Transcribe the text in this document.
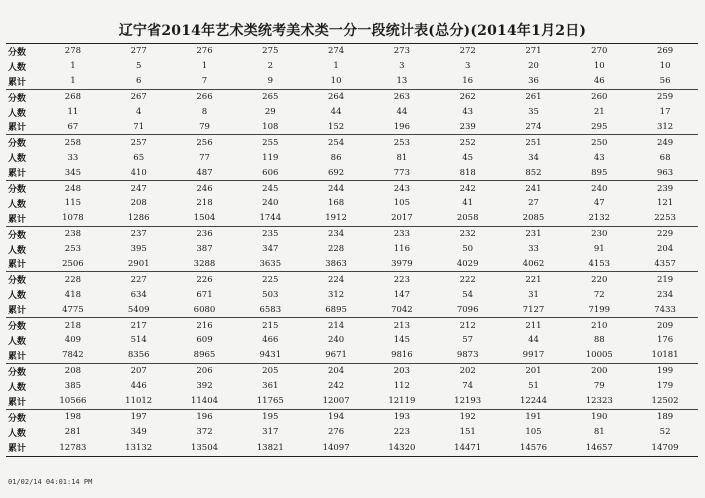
辽宁省2014年艺术类统考美术类一分一段统计表(总分)(2014年1月2日)
分数	278	277	276	275	274	273	272	271	270	269
人数	1	5	1	2	1	3	3	20	10	10
累计	1	6	7	9	10	13	16	36	46	56
分数	268	267	266	265	264	263	262	261	260	259
人数	11	4	8	29	44	44	43	35	21	17
累计	67	71	79	108	152	196	239	274	295	312
分数	258	257	256	255	254	253	252	251	250	249
人数	33	65	77	119	86	81	45	34	43	68
累计	345	410	487	606	692	773	818	852	895	963
分数	248	247	246	245	244	243	242	241	240	239
人数	115	208	218	240	168	105	41	27	47	121
累计	1078	1286	1504	1744	1912	2017	2058	2085	2132	2253
分数	238	237	236	235	234	233	232	231	230	229
人数	253	395	387	347	228	116	50	33	91	204
累计	2506	2901	3288	3635	3863	3979	4029	4062	4153	4357
分数	228	227	226	225	224	223	222	221	220	219
人数	418	634	671	503	312	147	54	31	72	234
累计	4775	5409	6080	6583	6895	7042	7096	7127	7199	7433
分数	218	217	216	215	214	213	212	211	210	209
人数	409	514	609	466	240	145	57	44	88	176
累计	7842	8356	8965	9431	9671	9816	9873	9917	10005	10181
分数	208	207	206	205	204	203	202	201	200	199
人数	385	446	392	361	242	112	74	51	79	179
累计	10566	11012	11404	11765	12007	12119	12193	12244	12323	12502
分数	198	197	196	195	194	193	192	191	190	189
人数	281	349	372	317	276	223	151	105	81	52
累计	12783	13132	13504	13821	14097	14320	14471	14576	14657	14709
01/02/14 04:01:14 PM
